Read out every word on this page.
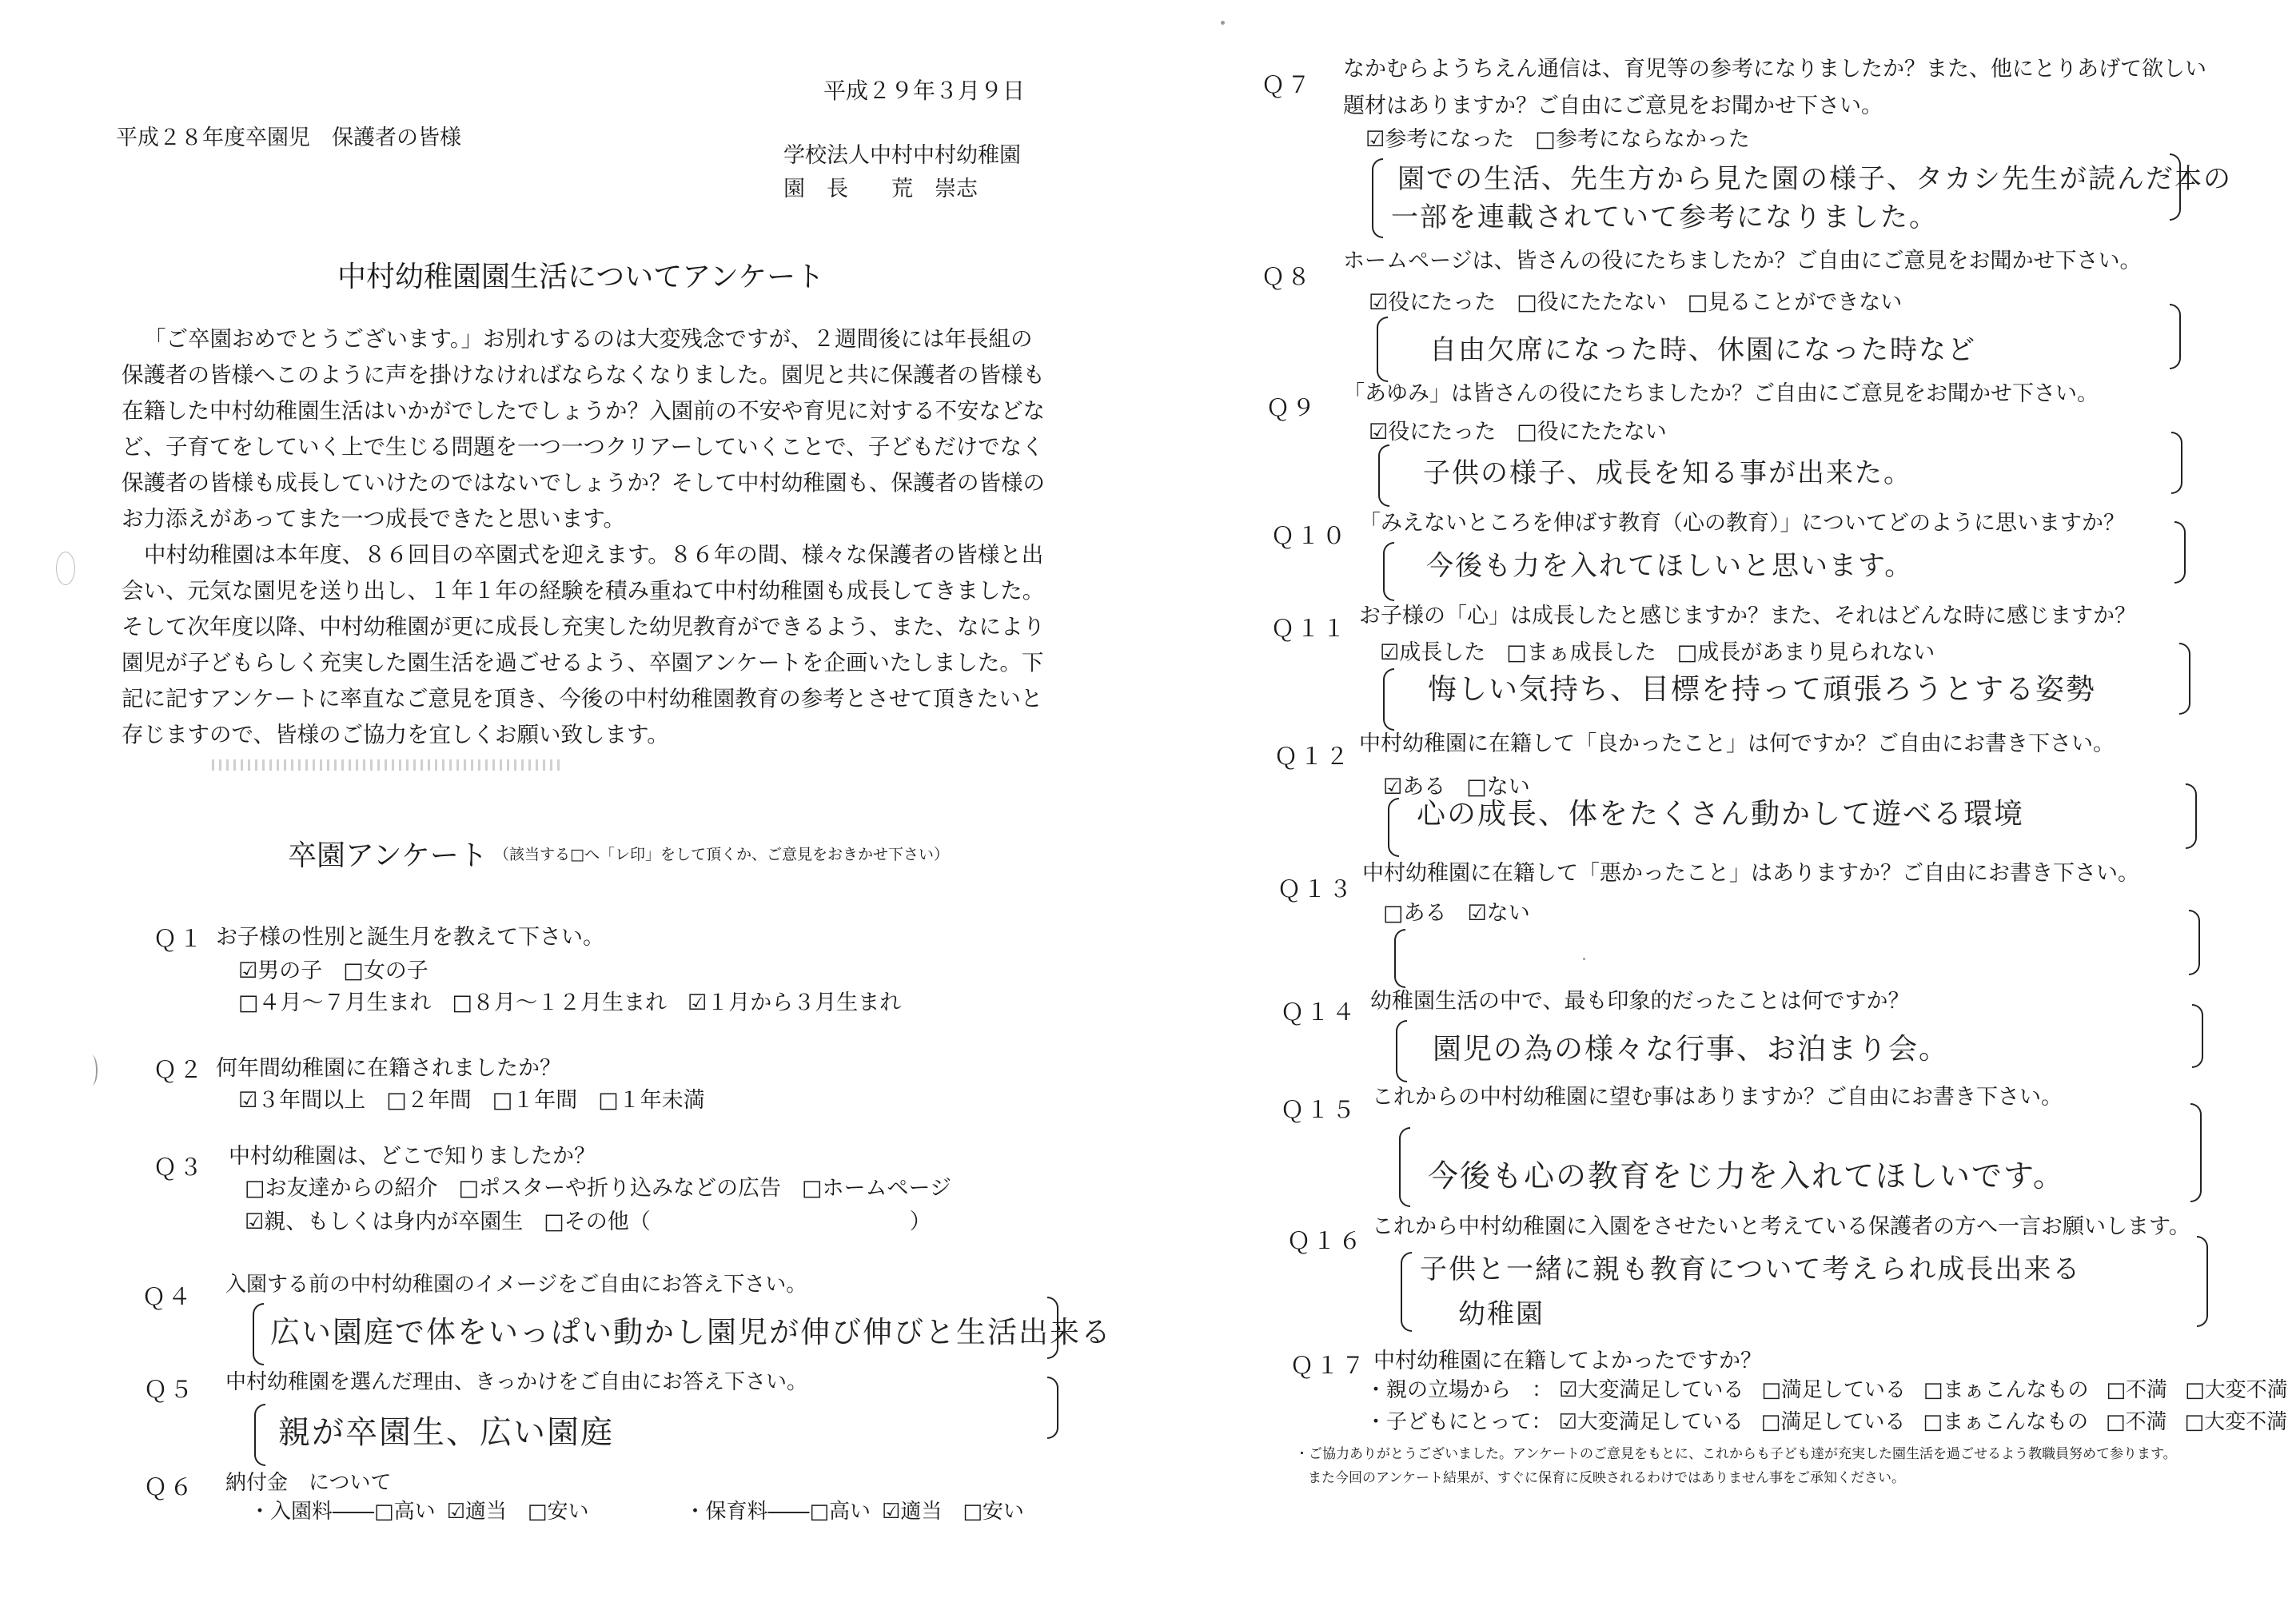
平成２９年３月９日
平成２８年度卒園児　保護者の皆様
学校法人中村中村幼稚園
園　長　　荒　崇志
中村幼稚園園生活についてアンケート
「ご卒園おめでとうございます。」お別れするのは大変残念ですが、２週間後には年長組の保護者の皆様へこのように声を掛けなければならなくなりました。園児と共に保護者の皆様も在籍した中村幼稚園生活はいかがでしたでしょうか？入園前の不安や育児に対する不安などなど、子育てをしていく上で生じる問題を一つ一つクリアーしていくことで、子どもだけでなく保護者の皆様も成長していけたのではないでしょうか？そして中村幼稚園も、保護者の皆様のお力添えがあってまた一つ成長できたと思います。
中村幼稚園は本年度、８６回目の卒園式を迎えます。８６年の間、様々な保護者の皆様と出会い、元気な園児を送り出し、１年１年の経験を積み重ねて中村幼稚園も成長してきました。そして次年度以降、中村幼稚園が更に成長し充実した幼児教育ができるよう、また、なにより園児が子どもらしく充実した園生活を過ごせるよう、卒園アンケートを企画いたしました。下記に記すアンケートに率直なご意見を頂き、今後の中村幼稚園教育の参考とさせて頂きたいと存じますので、皆様のご協力を宜しくお願い致します。
卒園アンケート （該当する□へ「レ印」をして頂くか、ご意見をおきかせ下さい）
Ｑ１ お子様の性別と誕生月を教えて下さい。
☑男の子 □女の子
□４月～７月生まれ □８月～１２月生まれ ☑１月から３月生まれ
Ｑ２ 何年間幼稚園に在籍されましたか？
☑３年間以上 □２年間 □１年間 □１年未満
Ｑ３ 中村幼稚園は、どこで知りましたか？
□お友達からの紹介 □ポスターや折り込みなどの広告 □ホームページ
☑親、もしくは身内が卒園生 □その他（　　　　　　　　　　　　）
Ｑ４ 入園する前の中村幼稚園のイメージをご自由にお答え下さい。
広い園庭で体をいっぱい動かし園児が伸び伸びと生活出来る
Ｑ５ 中村幼稚園を選んだ理由、きっかけをご自由にお答え下さい。
親が卒園生、広い園庭
Ｑ６ 納付金　について
・入園料――□高い ☑適当 □安い	・保育料――□高い ☑適当 □安い
Ｑ７
なかむらようちえん通信は、育児等の参考になりましたか？また、他にとりあげて欲しい
題材はありますか？ご自由にご意見をお聞かせ下さい。
☑参考になった □参考にならなかった
園での生活、先生方から見た園の様子、タカシ先生が読んだ本の
一部を連載されていて参考になりました。
Ｑ８
ホームページは、皆さんの役にたちましたか？ご自由にご意見をお聞かせ下さい。
☑役にたった □役にたたない □見ることができない
自由欠席になった時、休園になった時など
Ｑ９
「あゆみ」は皆さんの役にたちましたか？ご自由にご意見をお聞かせ下さい。
☑役にたった □役にたたない
子供の様子、成長を知る事が出来た。
Ｑ１０ 「みえないところを伸ばす教育（心の教育）」についてどのように思いますか？
今後も力を入れてほしいと思います。
Ｑ１１ お子様の「心」は成長したと感じますか？また、それはどんな時に感じますか？
☑成長した □まぁ成長した □成長があまり見られない
悔しい気持ち、目標を持って頑張ろうとする姿勢
Ｑ１２ 中村幼稚園に在籍して「良かったこと」は何ですか？ご自由にお書き下さい。
☑ある □ない
心の成長、体をたくさん動かして遊べる環境
Ｑ１３
中村幼稚園に在籍して「悪かったこと」はありますか？ご自由にお書き下さい。
□ある ☑ない
Ｑ１４ 幼稚園生活の中で、最も印象的だったことは何ですか？
園児の為の様々な行事、お泊まり会。
Ｑ１５ これからの中村幼稚園に望む事はありますか？ご自由にお書き下さい。
今後も心の教育をじ力を入れてほしいです。
Ｑ１６
これから中村幼稚園に入園をさせたいと考えている保護者の方へ一言お願いします。
子供と一緒に親も教育について考えられ成長出来る
幼稚園
Ｑ１７ 中村幼稚園に在籍してよかったですか？
・親の立場から　： ☑大変満足している □満足している □まぁこんなもの □不満 □大変不満
・子どもにとって： ☑大変満足している □満足している □まぁこんなもの □不満 □大変不満
・ご協力ありがとうございました。アンケートのご意見をもとに、これからも子ども達が充実した園生活を過ごせるよう教職員努めて参ります。
また今回のアンケート結果が、すぐに保育に反映されるわけではありません事をご承知ください。
